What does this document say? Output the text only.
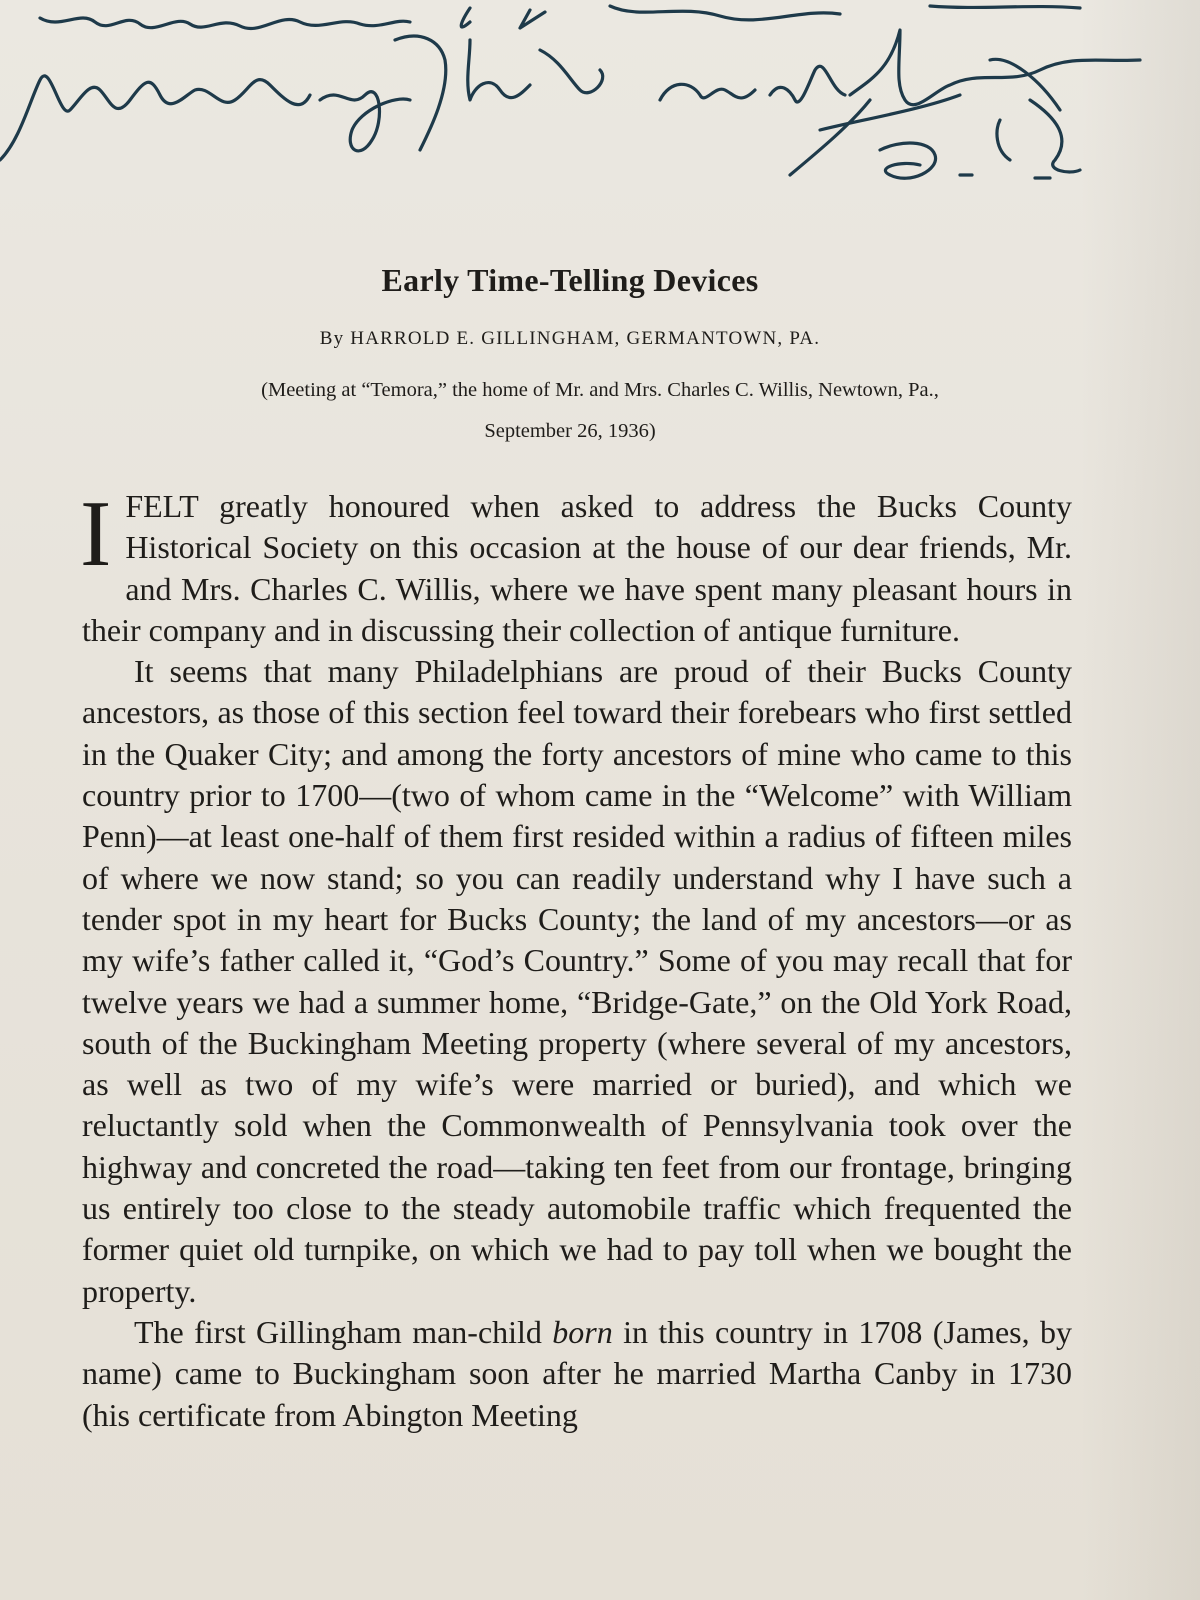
Early Time-Telling Devices

By HARROLD E. GILLINGHAM, GERMANTOWN, PA.

(Meeting at “Temora,” the home of Mr. and Mrs. Charles C. Willis, Newtown, Pa.,

September 26, 1936)

I FELT greatly honoured when asked to address the Bucks County Historical Society on this occasion at the house of our dear friends, Mr. and Mrs. Charles C. Willis, where we have spent many pleasant hours in their company and in discussing their collection of antique furniture.

It seems that many Philadelphians are proud of their Bucks County ancestors, as those of this section feel toward their forebears who first settled in the Quaker City; and among the forty ancestors of mine who came to this country prior to 1700—(two of whom came in the “Welcome” with William Penn)—at least one-half of them first resided within a radius of fifteen miles of where we now stand; so you can readily understand why I have such a tender spot in my heart for Bucks County; the land of my ancestors—or as my wife’s father called it, “God’s Country.” Some of you may recall that for twelve years we had a summer home, “Bridge-Gate,” on the Old York Road, south of the Buckingham Meeting property (where several of my ancestors, as well as two of my wife’s were married or buried), and which we reluctantly sold when the Commonwealth of Pennsylvania took over the highway and concreted the road—taking ten feet from our frontage, bringing us entirely too close to the steady automobile traffic which frequented the former quiet old turnpike, on which we had to pay toll when we bought the property.

The first Gillingham man-child born in this country in 1708 (James, by name) came to Buckingham soon after he married Martha Canby in 1730 (his certificate from Abington Meeting
